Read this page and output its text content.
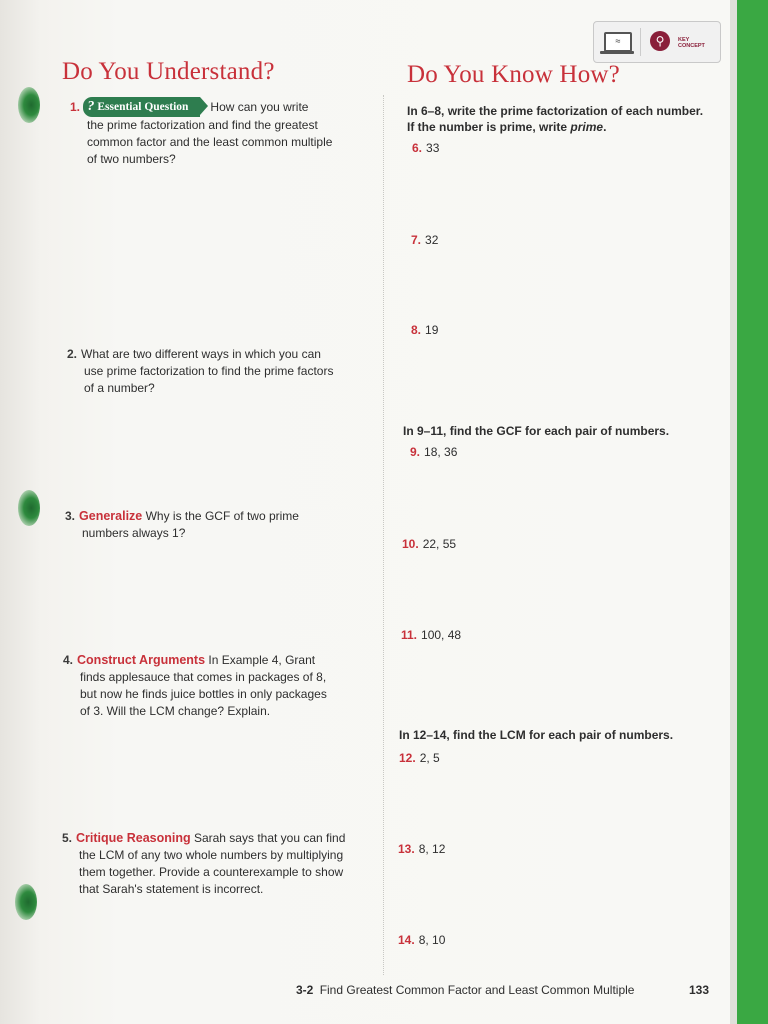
≈	⚲	KEY CONCEPT
Do You Understand?	Do You Know How?
1. ? Essential Question How can you write
the prime factorization and find the greatest
common factor and the least common multiple
of two numbers?
2. What are two different ways in which you can
use prime factorization to find the prime factors
of a number?
3. Generalize Why is the GCF of two prime
numbers always 1?
4. Construct Arguments In Example 4, Grant
finds applesauce that comes in packages of 8,
but now he finds juice bottles in only packages
of 3. Will the LCM change? Explain.
5. Critique Reasoning Sarah says that you can find
the LCM of any two whole numbers by multiplying
them together. Provide a counterexample to show
that Sarah's statement is incorrect.
In 6–8, write the prime factorization of each number.
If the number is prime, write prime.
6. 33
7. 32
8. 19
In 9–11, find the GCF for each pair of numbers.
9. 18, 36
10. 22, 55
11. 100, 48
In 12–14, find the LCM for each pair of numbers.
12. 2, 5
13. 8, 12
14. 8, 10
3-2 Find Greatest Common Factor and Least Common Multiple	133
